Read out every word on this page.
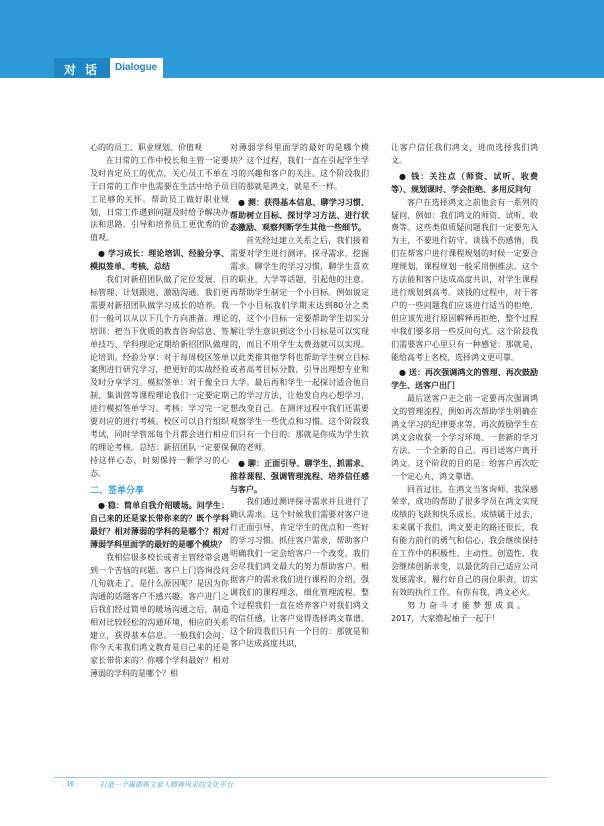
对话 Dialogue

心的的员工、职业规划、价值观

在日常的工作中校长和主管一定要及时肯定员工的优点，关心员工不单在于日常的工作中也需要在生活中给予员工足够的关怀。帮助员工做好职业规划，日常工作遇到问题及时给予解决办法和思路。引导和培养员工更优秀的价值观。

● 学习成长：理论培训、经验分享、模拟签单、考核、总结

我们对新招团队做了定位发展、目标管理、计划跟进、激励沟通。我们更需要对新招团队做学习成长的培养。我们一般可以从以下几个方向准备。理论培训：把当下优质的教育咨询信息、签单技巧、学科理论定期给新招团队做理论培训。经验分享：对于每周校区签单案例进行研究学习，把更好的实战经验及时分享学习。模拟签单：对于像全日制、集训营等课程理论我们一定要定期进行模拟签单学习。考核：学习完一定要对应的进行考核。校区可以自行组织考试，同时学管部每个月都会进行相应的理论考核。总结：新招团队一定要保持这样心态，时刻保持一颗学习的心态。

二、签单分享

● 稳：简单自我介绍暖场。问学生：自己来的还是家长带你来的？既个学科最好？相对薄弱的学科的是哪个？相对薄弱学科里面学的最好的是哪个模块？

我相信很多校长或者主管经常会遇到一个苦恼的问题。客户上门咨询没问几句就走了，是什么原因呢？是因为你沟通的话题客户不感兴趣。客户进门之后我们经过简单的暖场沟通之后，制造相对比较轻松的沟通环境，相应的关系建立，获得基本信息。一般我们会问：你今天来我们鸿文教育是自己来的还是家长带你来的？你哪个学科最好？相对薄弱的学科的是哪个？相

对薄弱学科里面学的最好的是哪个模块？这个过程，我们一直在引起学生学习的兴趣和客户的关注。这个阶段我们目的那就是鸿文，就是不一样。

● 测：获得基本信息、聊学习习惯、帮助树立目标、探讨学习方法、进行状态激励、观察判断学生其他一些细节。

首先经过建立关系之后，我们接着需要对学生进行测评。探寻需求，挖掘需求。聊学生的学习习惯，聊学生喜欢的职业、大学等话题，引起他的注意。再帮助学生制定一个小目标。例如说定一个小目标我们学期末达到80分之类的，这个小目标一定要帮助学生切实分解让学生意识到这个小目标是可以实现的，而且不用学生太费劲就可以实现。以此类推其他学科也帮助学生树立目标或者高考目标分数，引导出理想专业和大学。最后再和学生一起探讨适合他自己的学习方法，让他发自内心想学习，想改变自己。在测评过程中我们还需要观察学生一些优点和习惯。这个阶段我们只有一个目的：那就是你成为学生钦佩的老师。

● 聊：正面引导、聊学生、抓需求、推荐课程、强调管理流程、培养信任感与客户。

我们通过测评探寻需求并且进行了确认需求。这个时候我们需要对客户进行正面引导，肯定学生的优点和一些好的学习习惯。抓住客户需求，帮助客户明确我们一定会给客户一个改变。我们会尽我们鸿文最大的努力帮助客户。根据客户的需求我们进行课程的介绍，强调我们的课程理念，细化管理流程。整个过程我们一直在培养客户对我们鸿文的信任感，让客户觉得选择鸿文靠谱。这个阶段我们只有一个目的：那就是和客户达成高度共识，

让客户信任我们鸿文，进而选择我们鸿文。

● 钱：关注点（师资、试听、收费等）、规划课时、学会拒绝、多用反问句

客户在选择鸿文之前他会有一系列的疑问，例如：我们鸿文的师资、试听、收费等。这些类似质疑问题我们一定要先入为主，不要进行防守。谈钱不伤感情，我们在帮客户进行课程规划的时候一定要合理规划，课程规划一般采用倒推法。这个方法能和客户达成高度共识，对学生课程进行规划到高考。谈钱的过程中，对于客户的一些问题我们应该进行适当的拒绝，但应该先进行原因解释再拒绝，整个过程中我们要多用一些反问句式。这个阶段我们需要客户心里只有一种感觉：那就是，能给高考上名校，选择鸿文更可靠。

● 送：再次强调鸿文的管理、再次鼓励学生、送客户出门

最后送客户走之前一定要再次强调鸿文的管理流程，例如再次帮助学生明确在鸿文学习的纪律要求等，再次鼓励学生在鸿文会收获一个学习环境、一套新的学习方法、一个全新的自己。再目送客户离开鸿文。这个阶段的目的是：给客户再次吃一个定心丸，鸿文靠谱。

回首过往，在鸿文当客询师。我深感荣幸，成功的帮助了很多学员在鸿文实现成绩的飞跃和快乐成长。成绩属于过去，未来属于我们，鸿文要走的路还很长，我有能力前行的勇气和信心，我会继续保持在工作中的积极性、主动性、创造性，我会继续创新求变，以最优的自己适应公司发展需求，履行好自己的岗位职责，切实有效的执行工作。有你有我，鸿文必火。

努力奋斗才能梦想成真。

2017，大家撸起袖子一起干！

· 16 ·	打造一个属邯郸文家人精神风采的文化平台
